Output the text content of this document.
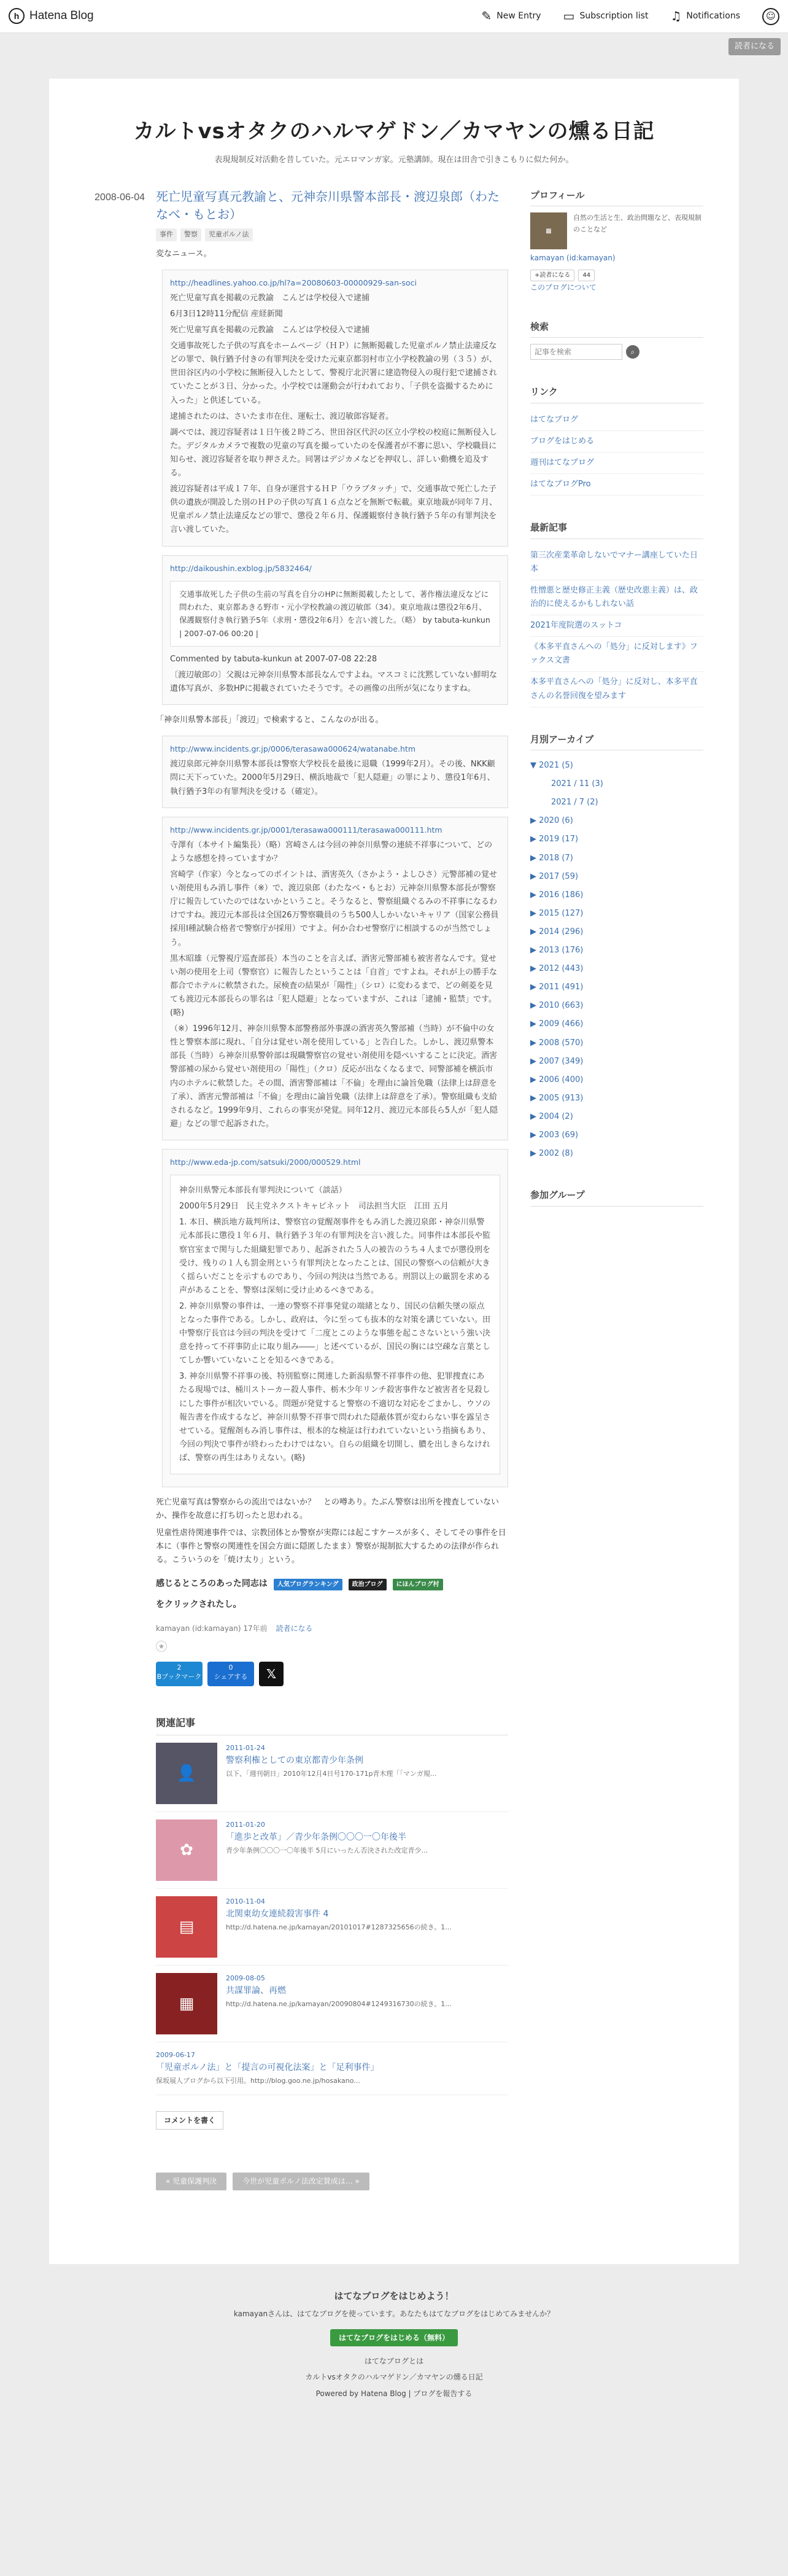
h Hatena Blog	✎ New Entry ▭ Subscription list ♫ Notifications	☺
読者になる
カルトvsオタクのハルマゲドン／カマヤンの燻る日記
表現規制反対活動を昔していた。元エロマンガ家。元塾講師。現在は田舎で引きこもりに似た何か。
2008-06-04 死亡児童写真元教諭と、元神奈川県警本部長・渡辺泉郎（わたなべ・もとお）
事件	警察	児童ポルノ法

変なニュース。

http://headlines.yahoo.co.jp/hl?a=20080603-00000929-san-soci

死亡児童写真を掲載の元教諭　こんどは学校侵入で逮捕

6月3日12時11分配信 産経新聞

死亡児童写真を掲載の元教諭　こんどは学校侵入で逮捕

交通事故死した子供の写真をホームページ（ＨＰ）に無断掲載した児童ポルノ禁止法違反などの罪で、執行猶予付きの有罪判決を受けた元東京都羽村市立小学校教諭の男（３５）が、世田谷区内の小学校に無断侵入したとして、警視庁北沢署に建造物侵入の現行犯で逮捕されていたことが３日、分かった。小学校では運動会が行われており、「子供を盗撮するために入った」と供述している。

逮捕されたのは、さいたま市在住、運転士、渡辺敏郎容疑者。

調べでは、渡辺容疑者は１日午後２時ごろ、世田谷区代沢の区立小学校の校庭に無断侵入した。デジタルカメラで複数の児童の写真を撮っていたのを保護者が不審に思い、学校職員に知らせ、渡辺容疑者を取り押さえた。同署はデジカメなどを押収し、詳しい動機を追及する。

渡辺容疑者は平成１７年、自身が運営するＨＰ「ウラブタッチ」で、交通事故で死亡した子供の遺族が開設した別のＨＰの子供の写真１６点などを無断で転載。東京地裁が同年７月、児童ポルノ禁止法違反などの罪で、懲役２年６月、保護観察付き執行猶予５年の有罪判決を言い渡していた。

http://daikoushin.exblog.jp/5832464/
交通事故死した子供の生前の写真を自分のHPに無断掲載したとして、著作権法違反などに問われた、東京都あきる野市・元小学校教諭の渡辺敏郎（34）。東京地裁は懲役2年6月、保護観察付き執行猶予5年（求刑・懲役2年6月）を言い渡した。（略） by tabuta-kunkun | 2007-07-06 00:20 |

Commented by tabuta-kunkun at 2007-07-08 22:28

〔渡辺敏郎の〕父親は元神奈川県警本部長なんですよね。マスコミに沈黙していない鮮明な遺体写真が、多数HPに掲載されていたそうです。その画像の出所が気になりますね。

「神奈川県警本部長」「渡辺」で検索すると、こんなのが出る。

http://www.incidents.gr.jp/0006/terasawa000624/watanabe.htm

渡辺泉郎元神奈川県警本部長は警察大学校長を最後に退職（1999年2月）。その後、NKK顧問に天下っていた。2000年5月29日、横浜地裁で「犯人隠避」の罪により、懲役1年6月、執行猶予3年の有罪判決を受ける（確定）。

http://www.incidents.gr.jp/0001/terasawa000111/terasawa000111.htm

寺澤有（本サイト編集長）（略）宮崎さんは今回の神奈川県警の連続不祥事について、どのような感想を持っていますか？

宮崎学（作家）今となってのポイントは、酒害英久（さかよう・よしひさ）元警部補の覚せい剤使用もみ消し事件（※）で、渡辺泉郎（わたなべ・もとお）元神奈川県警本部長が警察庁に報告していたのではないかということ。そうなると、警察組織ぐるみの不祥事になるわけですね。渡辺元本部長は全国26万警察職員のうち500人しかいないキャリア（国家公務員採用I種試験合格者で警察庁が採用）ですよ。何か合わせ警察庁に相談するのが当然でしょう。

黒木昭雄（元警視庁巡査部長）本当のことを言えば、酒害元警部補も被害者なんです。覚せい剤の使用を上司（警察官）に報告したということは「自首」ですよね。それが上の勝手な都合でホテルに軟禁された。尿検査の結果が「陽性」（シロ）に変わるまで、どの剣菱を見ても渡辺元本部長らの罪名は「犯人隠避」となっていますが、これは「逮捕・監禁」です。(略)

（※）1996年12月、神奈川県警本部警務部外事課の酒害英久警部補（当時）が不倫中の女性と警察本部に現れ、「自分は覚せい剤を使用している」と告白した。しかし、渡辺県警本部長（当時）ら神奈川県警幹部は現職警察官の覚せい剤使用を隠ぺいすることに決定。酒害警部補の尿から覚せい剤使用の「陽性」（クロ）反応が出なくなるまで、同警部補を横浜市内のホテルに軟禁した。その間、酒害警部補は「不倫」を理由に論旨免職（法律上は辞意を了承）、酒害元警部補は「不倫」を理由に論旨免職（法律上は辞意を了承）。警察組織も支給されるなど。1999年9月、これらの事実が発覚。同年12月、渡辺元本部長ら5人が「犯人隠避」などの罪で起訴された。

http://www.eda-jp.com/satsuki/2000/000529.html

神奈川県警元本部長有罪判決について（談話）

2000年5月29日　民主党ネクストキャビネット　司法担当大臣　江田 五月

1. 本日、横浜地方裁判所は、警察官の覚醒剤事件をもみ消した渡辺泉郎・神奈川県警元本部長に懲役１年６月、執行猶予３年の有罪判決を言い渡した。同事件は本部長や監察官室まで関与した組織犯罪であり、起訴された５人の被告のうち４人までが懲役刑を受け、残りの１人も罰金刑という有罪判決となったことは、国民の警察への信頼が大きく揺らいだことを示すものであり、今回の判決は当然である。刑罰以上の厳罰を求める声があることを、警察は深刻に受け止めるべきである。

2. 神奈川県警の事件は、一連の警察不祥事発覚の端緒となり、国民の信頼失墜の原点となった事件である。しかし、政府は、今に至っても抜本的な対策を講じていない。田中警察庁長官は今回の判決を受けて「二度とこのような事態を起こさないという強い決意を持って不祥事防止に取り組み――」と述べているが、国民の胸には空疎な言葉としてしか響いていないことを知るべきである。

3. 神奈川県警不祥事の後、特別監察に関連した新潟県警不祥事件の他、犯罪捜査にあたる現場では、桶川ストーカー殺人事件、栃木少年リンチ殺害事件など被害者を見殺しにした事件が相次いでいる。問題が発覚すると警察の不適切な対応をごまかし、ウソの報告書を作成するなど、神奈川県警不祥事で問われた隠蔽体質が変わらない事を露呈させている。覚醒剤もみ消し事件は、根本的な検証は行われていないという指摘もあり、今回の判決で事件が終わったわけではない。自らの組織を切開し、膿を出しきらなければ、警察の再生はありえない。(略)

死亡児童写真は警察からの流出ではないか？　との噂あり。たぶん警察は出所を捜査していないか、操作を故意に打ち切ったと思われる。

児童性虐待関連事件では、宗教団体とか警察が実際には起こすケースが多く、そしてその事件を日本に（事件と警察の関連性を国会方面に隠匿したまま）警察が規制拡大するための法律が作られる。こういうのを「焼け太り」という。

感じるところのあった同志は	人気ブログランキング	政治ブログ	にほんブログ村
をクリックされたし。
kamayan (id:kamayan) 17年前 読者になる
★
2
Bブックマーク
0
シェアする	𝕏
関連記事
👤
2011-01-24
警察利権としての東京都青少年条例
以下、「週刊朝日」2010年12月4日号170-171p青木理「「マンガ規...
✿
2011-01-20
「進歩と改革」／青少年条例〇〇〇一〇年後半
青少年条例〇〇〇一〇年後半 5月にいったん否決された改定青少...
▤
2010-11-04
北関東幼女連続殺害事件 4
http://d.hatena.ne.jp/kamayan/20101017#1287325656の続き。1...
▦
2009-08-05
共謀罪論、再燃
http://d.hatena.ne.jp/kamayan/20090804#1249316730の続き。1...
2009-06-17
「児童ポルノ法」と「提言の可視化法案」と「足利事件」
保坂展人ブログから以下引用。http://blog.goo.ne.jp/hosakano...
コメントを書く
« 児童保護判決	今世が児童ポルノ法改定賛成は… »
プロフィール
▩
自然の生活と生、政治問題など、表現規制のことなど
kamayan (id:kamayan)
+読者になる	44
このブログについて
検索
記事を検索
⌕
リンク
はてなブログ
ブログをはじめる
週刊はてなブログ
はてなブログPro
最新記事
第三次産業革命しないでマナー講座していた日本
性憎悪と歴史修正主義（歴史改悪主義）は、政治的に使えるかもしれない話
2021年度院選のスットコ
《本多平直さんへの「処分」に反対します》ファクス文書
本多平直さんへの「処分」に反対し、本多平直さんの名誉回復を望みます
月別アーカイブ
▼ 2021 (5)
2021 / 11 (3)
2021 / 7 (2)
▶ 2020 (6)
▶ 2019 (17)
▶ 2018 (7)
▶ 2017 (59)
▶ 2016 (186)
▶ 2015 (127)
▶ 2014 (296)
▶ 2013 (176)
▶ 2012 (443)
▶ 2011 (491)
▶ 2010 (663)
▶ 2009 (466)
▶ 2008 (570)
▶ 2007 (349)
▶ 2006 (400)
▶ 2005 (913)
▶ 2004 (2)
▶ 2003 (69)
▶ 2002 (8)
参加グループ
はてなブログをはじめよう！
kamayanさんは、はてなブログを使っています。あなたもはてなブログをはじめてみませんか？
はてなブログをはじめる（無料）
はてなブログとは
カルトvsオタクのハルマゲドン／カマヤンの燻る日記
Powered by Hatena Blog | ブログを報告する
